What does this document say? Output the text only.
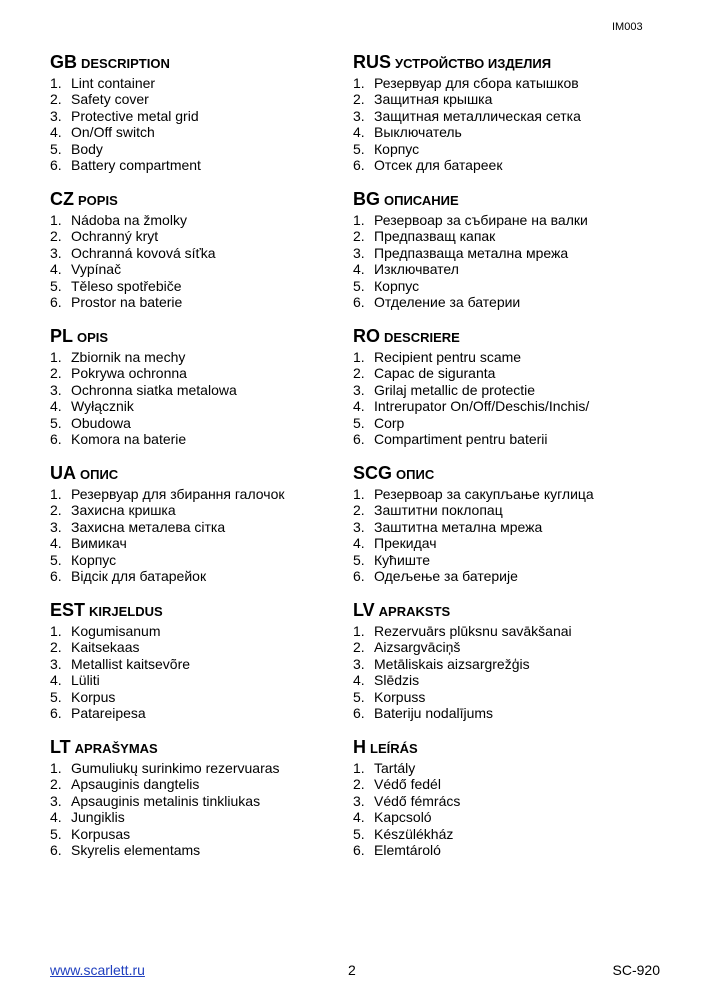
IM003
GB DESCRIPTION
1. Lint container
2. Safety cover
3. Protective metal grid
4. On/Off switch
5. Body
6. Battery compartment
CZ POPIS
1. Nádoba na žmolky
2. Ochranný kryt
3. Ochranná kovová síťka
4. Vypínač
5. Těleso spotřebiče
6. Prostor na baterie
PL OPIS
1. Zbiornik na mechy
2. Pokrywa ochronna
3. Ochronna siatka metalowa
4. Wyłącznik
5. Obudowa
6. Komora na baterie
UA ОПИС
1. Резервуар для збирання галочок
2. Захисна кришка
3. Захисна металева сітка
4. Вимикач
5. Корпус
6. Відсік для батарейок
EST KIRJELDUS
1. Kogumisanum
2. Kaitsekaas
3. Metallist kaitsevõre
4. Lüliti
5. Korpus
6. Patareipesa
LT APRAŠYMAS
1. Gumuliukų surinkimo rezervuaras
2. Apsauginis dangtelis
3. Apsauginis metalinis tinkliukas
4. Jungiklis
5. Korpusas
6. Skyrelis elementams
RUS УСТРОЙСТВО ИЗДЕЛИЯ
1. Резервуар для сбора катышков
2. Защитная крышка
3. Защитная металлическая сетка
4. Выключатель
5. Корпус
6. Отсек для батареек
BG ОПИСАНИЕ
1. Резервоар за събиране на валки
2. Предпазващ капак
3. Предпазваща метална мрежа
4. Изключвател
5. Корпус
6. Отделение за батерии
RO DESCRIERE
1. Recipient pentru scame
2. Capac de siguranta
3. Grilaj metallic de protectie
4. Intrerupator On/Off/Deschis/Inchis/
5. Corp
6. Compartiment pentru baterii
SCG ОПИС
1. Резервоар за сакупљање куглица
2. Заштитни поклопац
3. Заштитна метална мрежа
4. Прекидач
5. Кућиште
6. Одељење за батерије
LV APRAKSTS
1. Rezervuārs plūksnu savākšanai
2. Aizsargvāciņš
3. Metāliskais aizsargrežģis
4. Slēdzis
5. Korpuss
6. Bateriju nodalījums
H LEÍRÁS
1. Tartály
2. Védő fedél
3. Védő fémrács
4. Kapcsoló
5. Készülékház
6. Elemtároló
www.scarlett.ru	2	SC-920
